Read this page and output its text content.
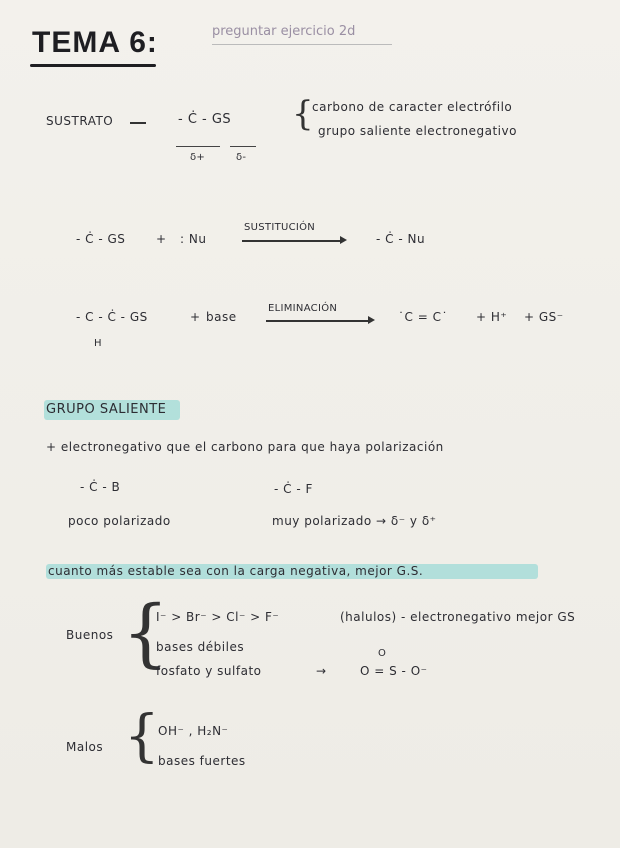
TEMA 6:	preguntar ejercicio 2d
SUSTRATO	- Ċ - GS
δ+	δ-
{
carbono de caracter electrófilo
grupo saliente electronegativo
- Ċ - GS	+ : Nu
SUSTITUCIÓN
- Ċ - Nu
- C - Ċ - GS
H
+ base
ELIMINACIÓN
˙C = C˙ + H⁺ + GS⁻
GRUPO SALIENTE
+ electronegativo que el carbono para que haya polarización
- Ċ - B
poco polarizado
- Ċ - F
muy polarizado → δ⁻ y δ⁺
cuanto más estable sea con la carga negativa, mejor G.S.
Buenos {
I⁻ > Br⁻ > Cl⁻ > F⁻	(halulos) - electronegativo mejor GS
bases débiles
fosfato y sulfato	→
O
O = S - O⁻
Malos {
OH⁻ , H₂N⁻
bases fuertes
